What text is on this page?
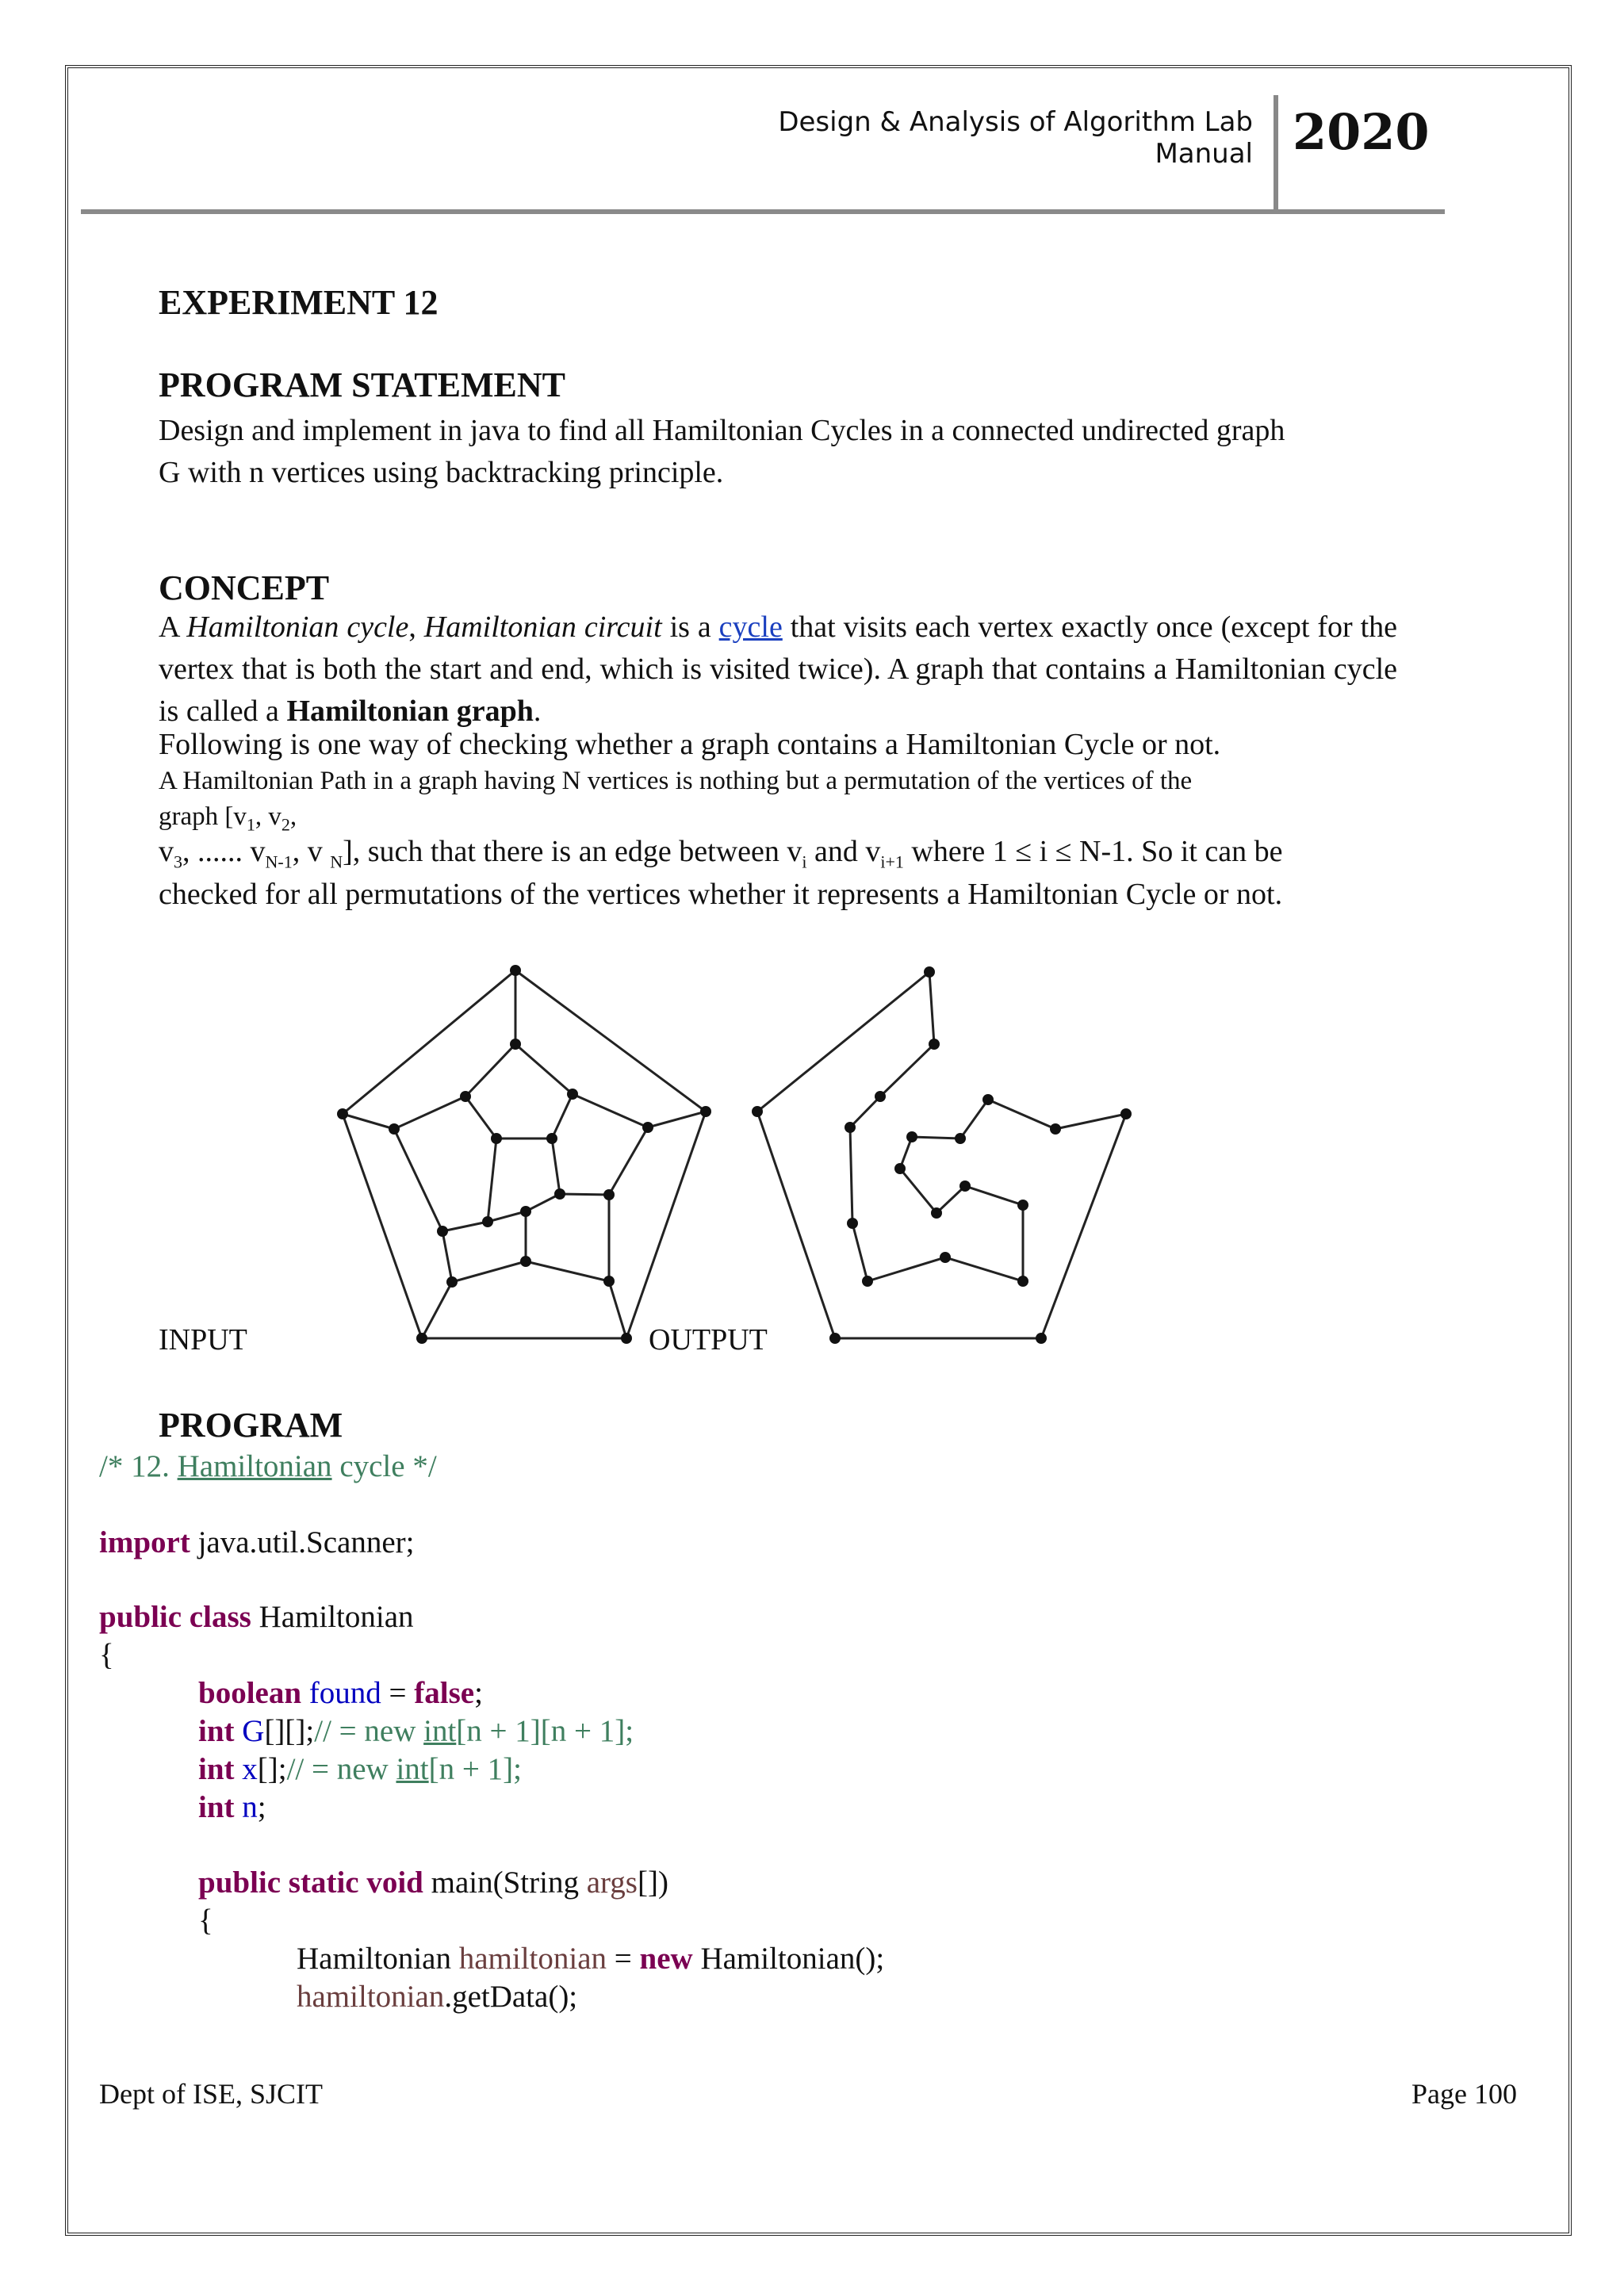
Design & Analysis of Algorithm Lab Manual 2020
EXPERIMENT 12
PROGRAM STATEMENT
Design and implement in java to find all Hamiltonian Cycles in a connected undirected graph
G with n vertices using backtracking principle.
CONCEPT
A Hamiltonian cycle, Hamiltonian circuit is a cycle that visits each vertex exactly once (except for the vertex that is both the start and end, which is visited twice). A graph that contains a Hamiltonian cycle is called a Hamiltonian graph.
Following is one way of checking whether a graph contains a Hamiltonian Cycle or not.
A Hamiltonian Path in a graph having N vertices is nothing but a permutation of the vertices of the
graph [$v_1$, $v_2$,
$v_3$, ...... $v_{N-1}$, v $_N$], such that there is an edge between $v_i$ and $v_{i+1}$ where 1 ≤ i ≤ N-1. So it can be
checked for all permutations of the vertices whether it represents a Hamiltonian Cycle or not.
INPUT	OUTPUT
PROGRAM
/* 12. Hamiltonian cycle */
import java.util.Scanner;
public class Hamiltonian
{
boolean found = false;
int G[][];// = new int[n + 1][n + 1];
int x[];// = new int[n + 1];
int n;
public static void main(String args[])
{
Hamiltonian hamiltonian = new Hamiltonian();
hamiltonian.getData();
Dept of ISE, SJCIT	Page 100
